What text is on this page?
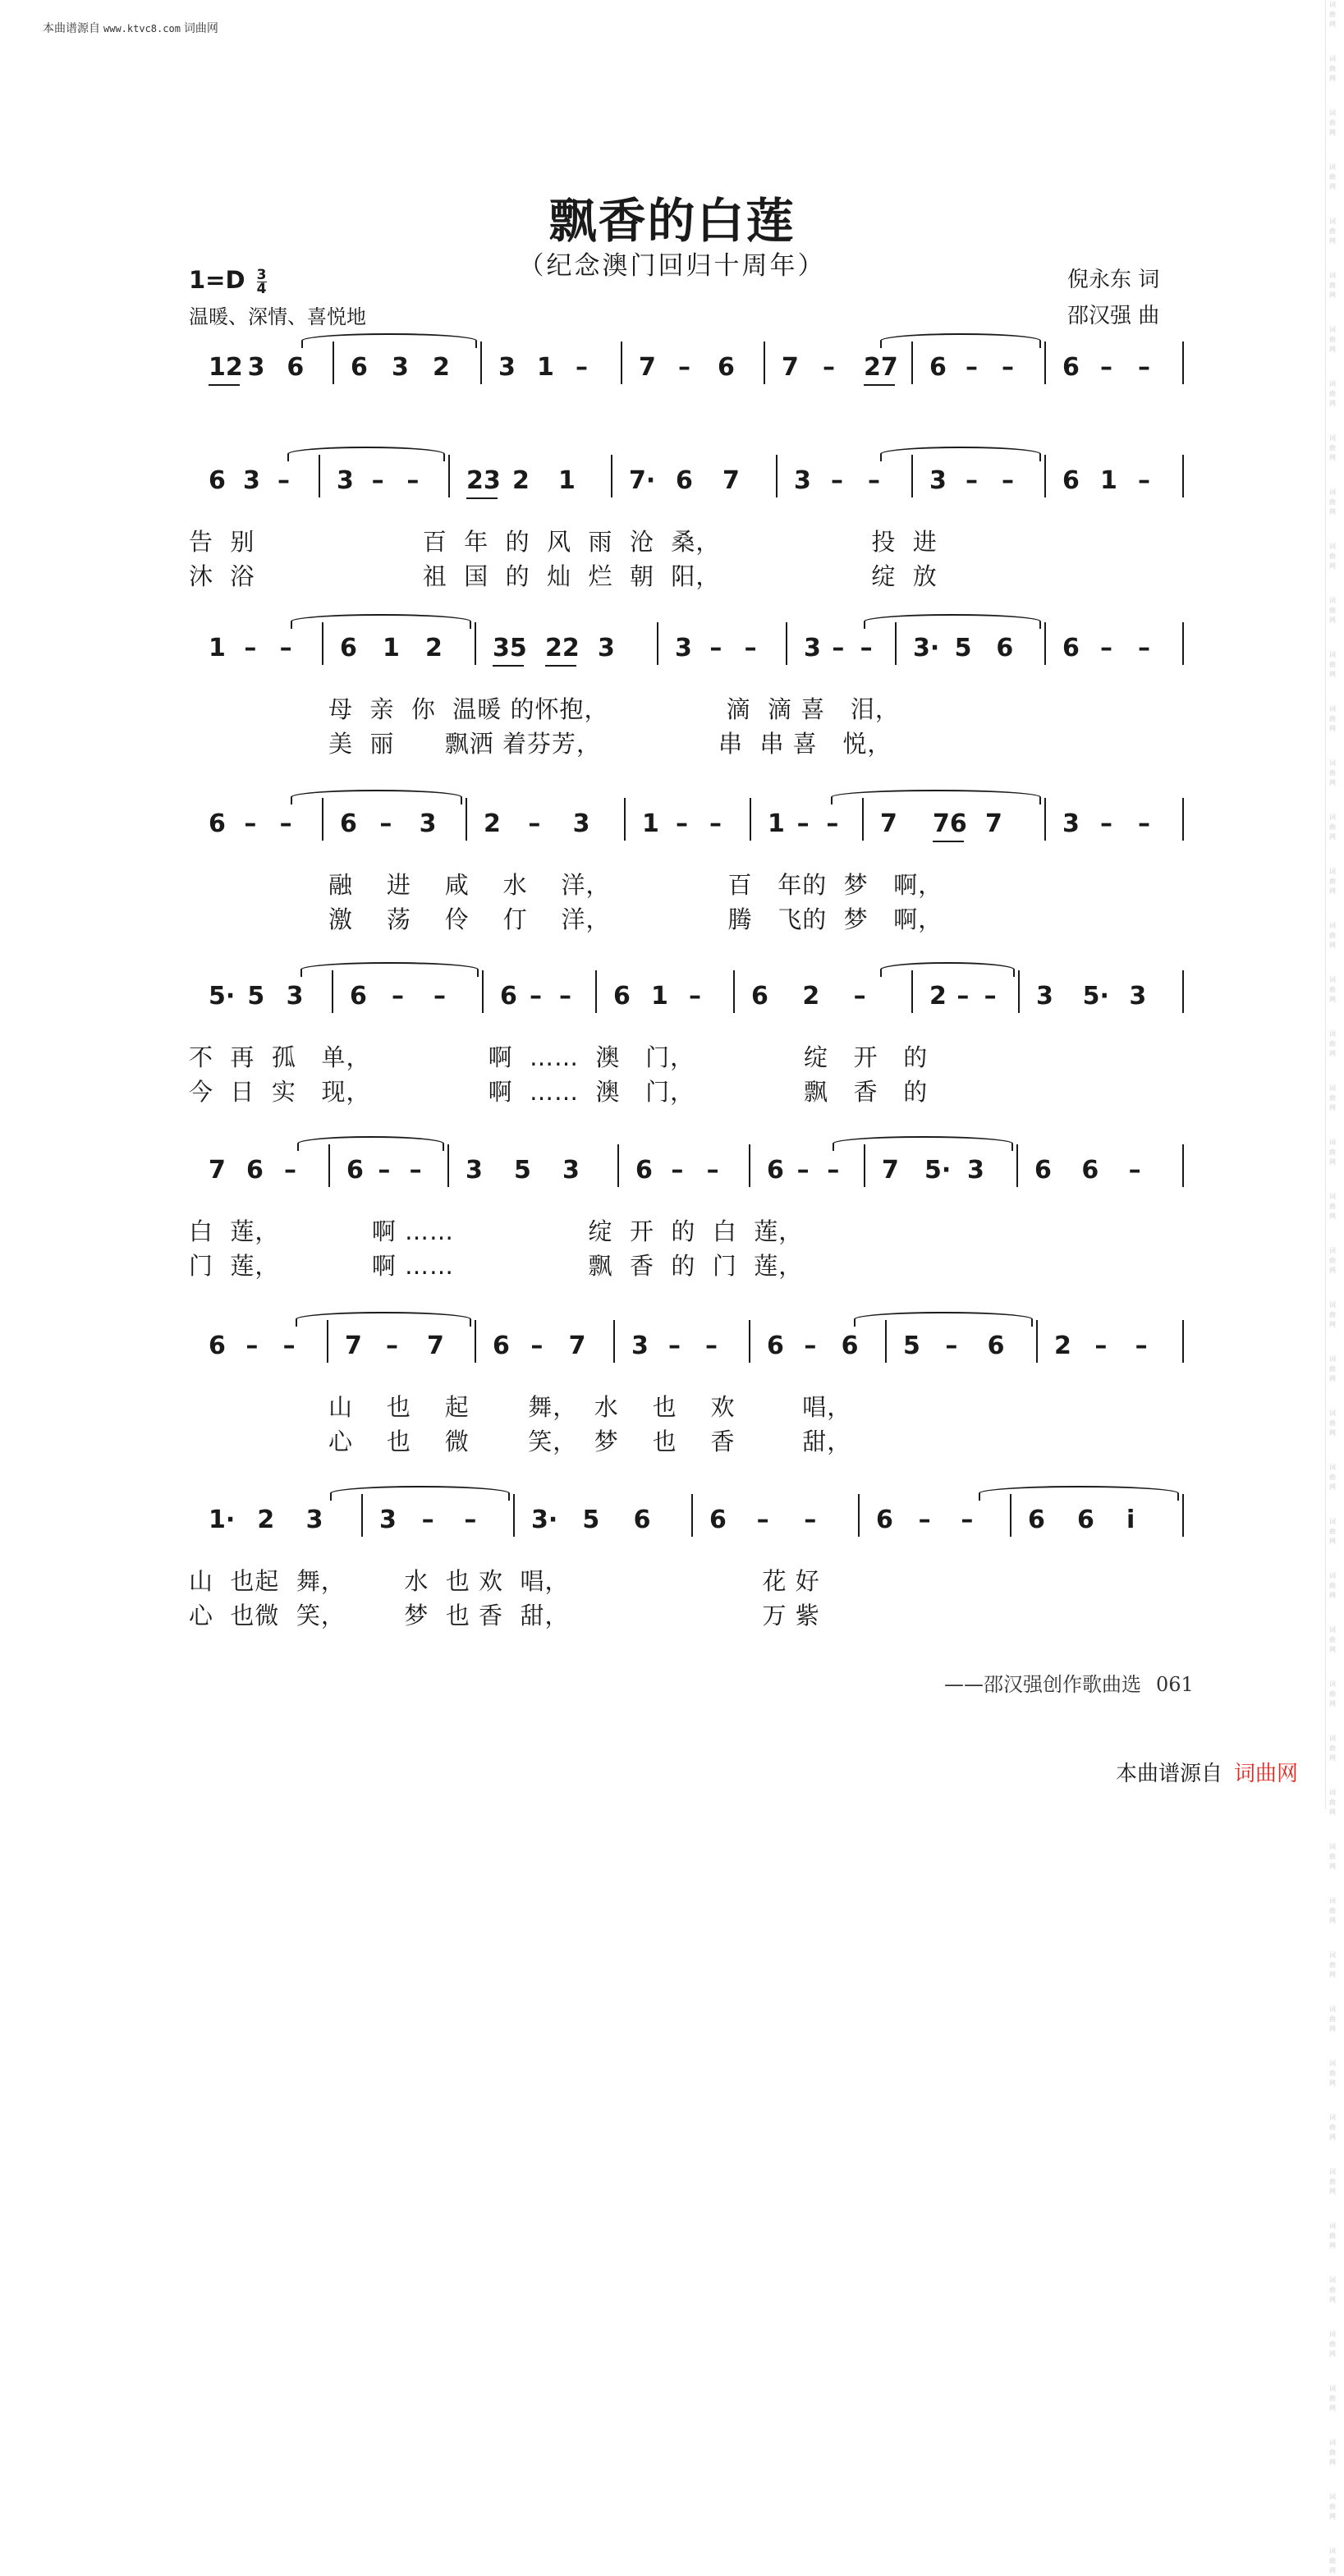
本曲谱源自 www.ktvc8.com 词曲网
词曲网
词曲网
词曲网
词曲网
词曲网
词曲网
词曲网
词曲网
词曲网
词曲网
词曲网
词曲网
词曲网
词曲网
词曲网
词曲网
词曲网
词曲网
词曲网
词曲网
词曲网
词曲网
词曲网
词曲网
词曲网
词曲网
词曲网
词曲网
词曲网
词曲网
词曲网
词曲网
词曲网
词曲网
词曲网
词曲网
词曲网
词曲网
词曲网
词曲网
词曲网
词曲网
词曲网
词曲网
词曲网
词曲网
词曲网
词曲网
飘香的白莲
（纪念澳门回归十周年）
$1=D \frac{3}{4}$
温暖、深情、喜悦地
倪永东 词
邵汉强 曲
12 3 6 6 3 2 3 1 – 7 – 6 7 – 27 6 – – 6 – –
6 3 – 3 – – 23 2 1 7· 6 7 3 – – 3 – – 6 1 –
告  别                    百  年  的  风  雨  沧  桑，                  投  进
沐  浴                    祖  国  的  灿  烂  朝  阳，                  绽  放
1 – – 6 1 2 35 22 3 3 – – 3 – – 3· 5 6 6 – –
母  亲  你  温暖 的怀抱，              滴  滴 喜   泪，
美  丽      飘洒 着芬芳，              串  串 喜   悦，
6 – – 6 – 3 2 – 3 1 – – 1 – – 7 76 7 3 – –
融    进    咸    水    洋，              百   年的  梦   啊，
激    荡    伶    仃    洋，              腾   飞的  梦   啊，
5· 5 3 6 – – 6 – – 6 1 – 6 2 –	2 – – 3 5· 3
不  再  孤   单，              啊  ……  澳   门，             绽   开   的
今  日  实   现，              啊  ……  澳   门，             飘   香   的
7 6 – 6 – – 3 5 3 6 – – 6 – – 7 5· 3 6 6 –
白  莲，           啊 ……                绽  开  的  白  莲，
门  莲，           啊 ……                飘  香  的  门  莲，
6 – – 7 – 7 6 – 7 3 – – 6 – 6 5 – 6 2 – –
山    也    起       舞，  水    也    欢        唱，
心    也    微       笑，  梦    也    香        甜，
1· 2 3 3 – – 3· 5 6 6 – – 6 – – 6 6 i
山  也起  舞，       水  也 欢  唱，                       花 好
心  也微  笑，       梦  也 香  甜，                       万 紫
——邵汉强创作歌曲选 061
本曲谱源自 词曲网
